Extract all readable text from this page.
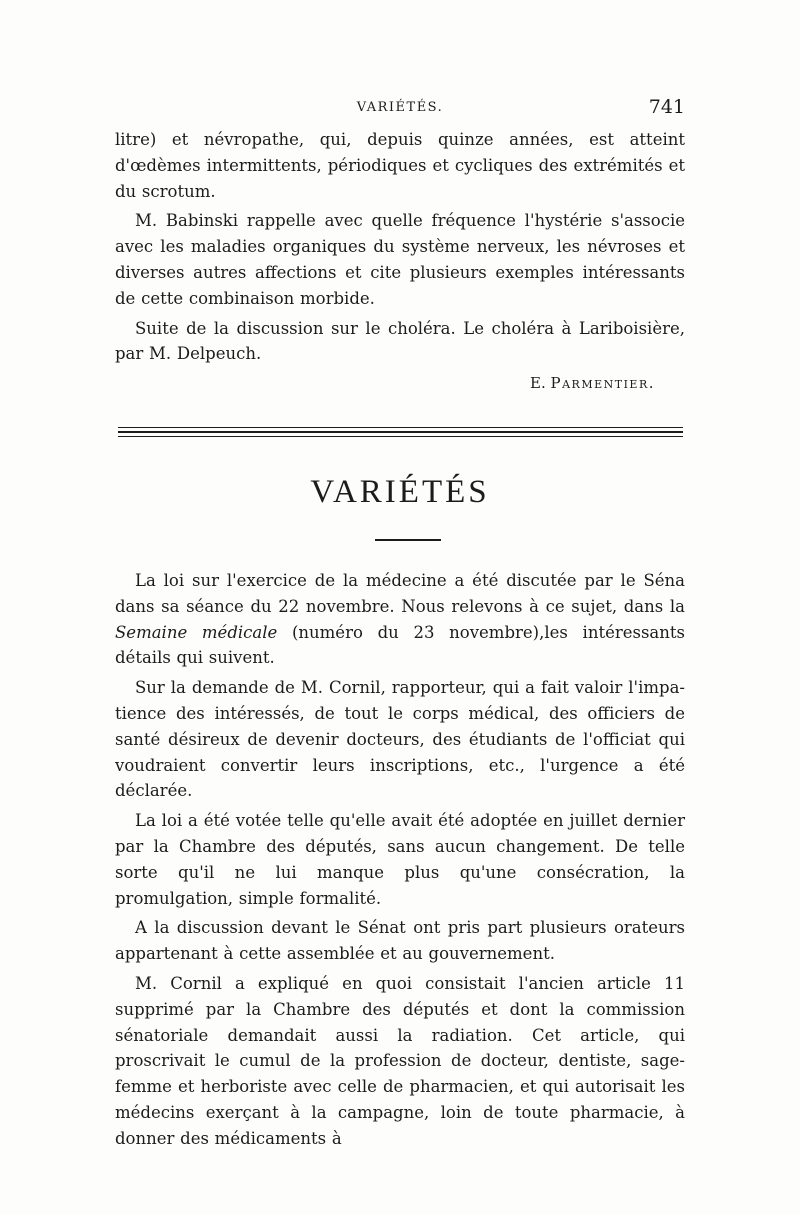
VARIÉTÉS.	741

litre) et névropathe, qui, depuis quinze années, est atteint d'œdèmes intermittents, périodiques et cycliques des extrémités et du scrotum.

M. Babinski rappelle avec quelle fréquence l'hystérie s'associe avec les maladies organiques du système nerveux, les névroses et diverses autres affections et cite plusieurs exemples intéressants de cette combinaison morbide.

Suite de la discussion sur le choléra. Le choléra à Lariboisière, par M. Delpeuch.

E. Parmentier.

VARIÉTÉS

La loi sur l'exercice de la médecine a été discutée par le Séna dans sa séance du 22 novembre. Nous relevons à ce sujet, dans la Semaine médicale (numéro du 23 novembre),les intéressants détails qui suivent.

Sur la demande de M. Cornil, rapporteur, qui a fait valoir l'impatience des intéressés, de tout le corps médical, des officiers de santé désireux de devenir docteurs, des étudiants de l'officiat qui voudraient convertir leurs inscriptions, etc., l'urgence a été déclarée.

La loi a été votée telle qu'elle avait été adoptée en juillet dernier par la Chambre des députés, sans aucun changement. De telle sorte qu'il ne lui manque plus qu'une consécration, la promulgation, simple formalité.

A la discussion devant le Sénat ont pris part plusieurs orateurs appartenant à cette assemblée et au gouvernement.

M. Cornil a expliqué en quoi consistait l'ancien article 11 supprimé par la Chambre des députés et dont la commission sénatoriale demandait aussi la radiation. Cet article, qui proscrivait le cumul de la profession de docteur, dentiste, sage-femme et herboriste avec celle de pharmacien, et qui autorisait les médecins exerçant à la campagne, loin de toute pharmacie, à donner des médicaments à
